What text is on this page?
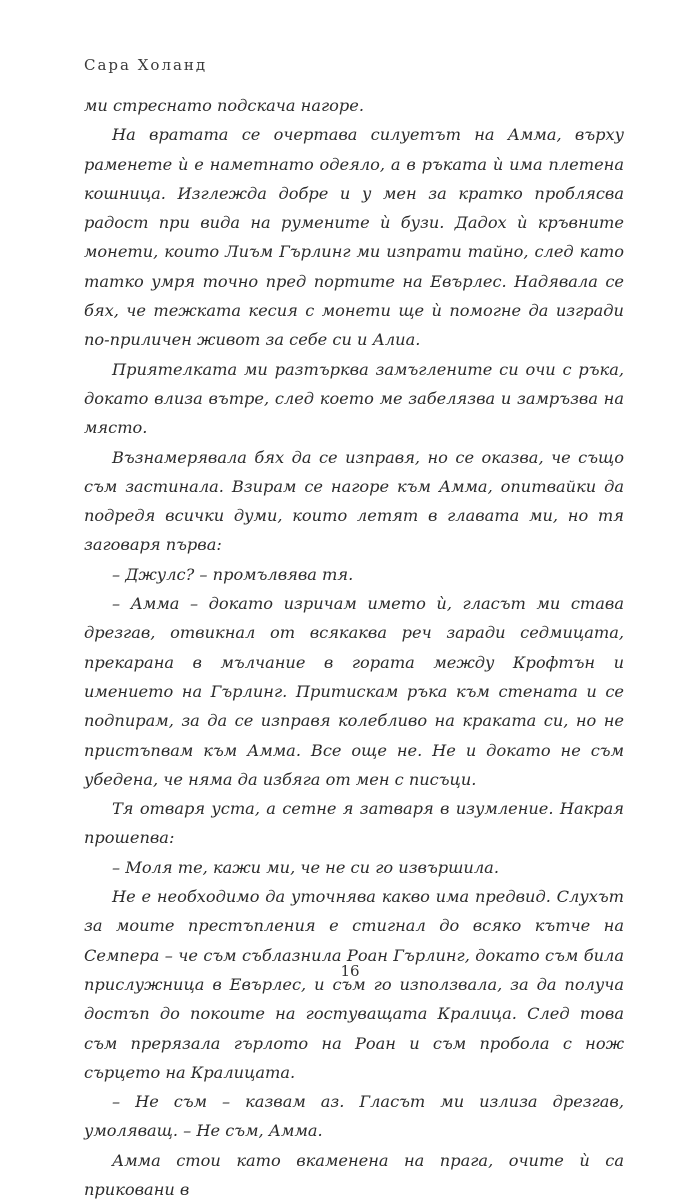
Сара Холанд

ми стреснато подскача нагоре.

На вратата се очертава силуетът на Амма, върху раменете ѝ е наметнато одеяло, а в ръката ѝ има плетена кошница. Изглежда добре и у мен за кратко проблясва радост при вида на румените ѝ бузи. Дадох ѝ кръвните монети, които Лиъм Гърлинг ми изпрати тайно, след като татко умря точно пред портите на Евърлес. Надявала се бях, че тежката кесия с монети ще ѝ помогне да изгради по-приличен живот за себе си и Алиа.

Приятелката ми разтърква замъглените си очи с ръка, докато влиза вътре, след което ме забелязва и замръзва на място.

Възнамерявала бях да се изправя, но се оказва, че също съм застинала. Взирам се нагоре към Амма, опитвайки да подредя всички думи, които летят в главата ми, но тя заговаря първа:

– Джулс? – промълвява тя.

– Амма – докато изричам името ѝ, гласът ми става дрезгав, отвикнал от всякаква реч заради седмицата, прекарана в мълчание в гората между Крофтън и имението на Гърлинг. Притискам ръка към стената и се подпирам, за да се изправя колебливо на краката си, но не пристъпвам към Амма. Все още не. Не и докато не съм убедена, че няма да избяга от мен с писъци.

Тя отваря уста, а сетне я затваря в изумление. Накрая прошепва:

– Моля те, кажи ми, че не си го извършила.

Не е необходимо да уточнява какво има предвид. Слухът за моите престъпления е стигнал до всяко кътче на Семпера – че съм съблазнила Роан Гърлинг, докато съм била прислужница в Евърлес, и съм го използвала, за да получа достъп до покоите на гостуващата Кралица. След това съм прерязала гърлото на Роан и съм пробола с нож сърцето на Кралицата.

– Не съм – казвам аз. Гласът ми излиза дрезгав, умоляващ. – Не съм, Амма.

Амма стои като вкаменена на прага, очите ѝ са приковани в

16
